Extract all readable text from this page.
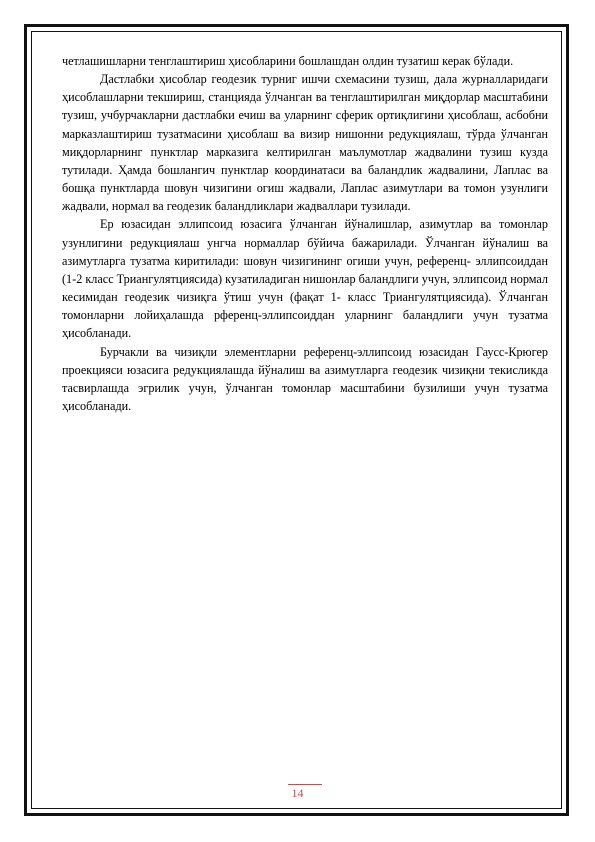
четлашишларни тенглаштириш ҳисобларини бошлашдан олдин тузатиш керак бўлади.

Дастлабки ҳисоблар геодезик турниг ишчи схемасини тузиш, дала журналларидаги ҳисоблашларни текшириш, станцияда ўлчанган ва тенглаштирилган миқдорлар масштабини тузиш, учбурчакларни дастлабки ечиш ва уларнинг сферик ортиқлигини ҳисоблаш, асбобни марказлаштириш тузатмасини ҳисоблаш ва визир нишонни редукциялаш, тўрда ўлчанган миқдорларнинг пунктлар марказига келтирилган маълумотлар жадвалини тузиш кузда тутилади. Ҳамда бошлангич пунктлар координатаси ва баландлик жадвалини, Лаплас ва бошқа пунктларда шовун чизигини огиш жадвали, Лаплас азимутлари ва томон узунлиги жадвали, нормал ва геодезик баландликлари жадваллари тузилади.

Ер юзасидан эллипсоид юзасига ўлчанган йўналишлар, азимутлар ва томонлар узунлигини редукциялаш унгча нормаллар бўйича бажарилади. Ўлчанган йўналиш ва азимутларга тузатма киритилади: шовун чизигининг огиши учун, референц- эллипсоиддан (1-2 класс Триангулятциясида) кузатиладиган нишонлар баландлиги учун, эллипсоид нормал кесимидан геодезик чизиқга ўтиш учун (фақат 1- класс Триангулятциясида). Ўлчанган томонларни лойиҳалашда рференц-эллипсоиддан уларнинг баландлиги учун тузатма ҳисобланади.

Бурчакли ва чизиқли элементларни референц-эллипсоид юзасидан Гаусс-Крюгер проекцияси юзасига редукциялашда йўналиш ва азимутларга геодезик чизиқни текисликда тасвирлашда эгрилик учун, ўлчанган томонлар масштабини бузилиши учун тузатма ҳисобланади.

14
